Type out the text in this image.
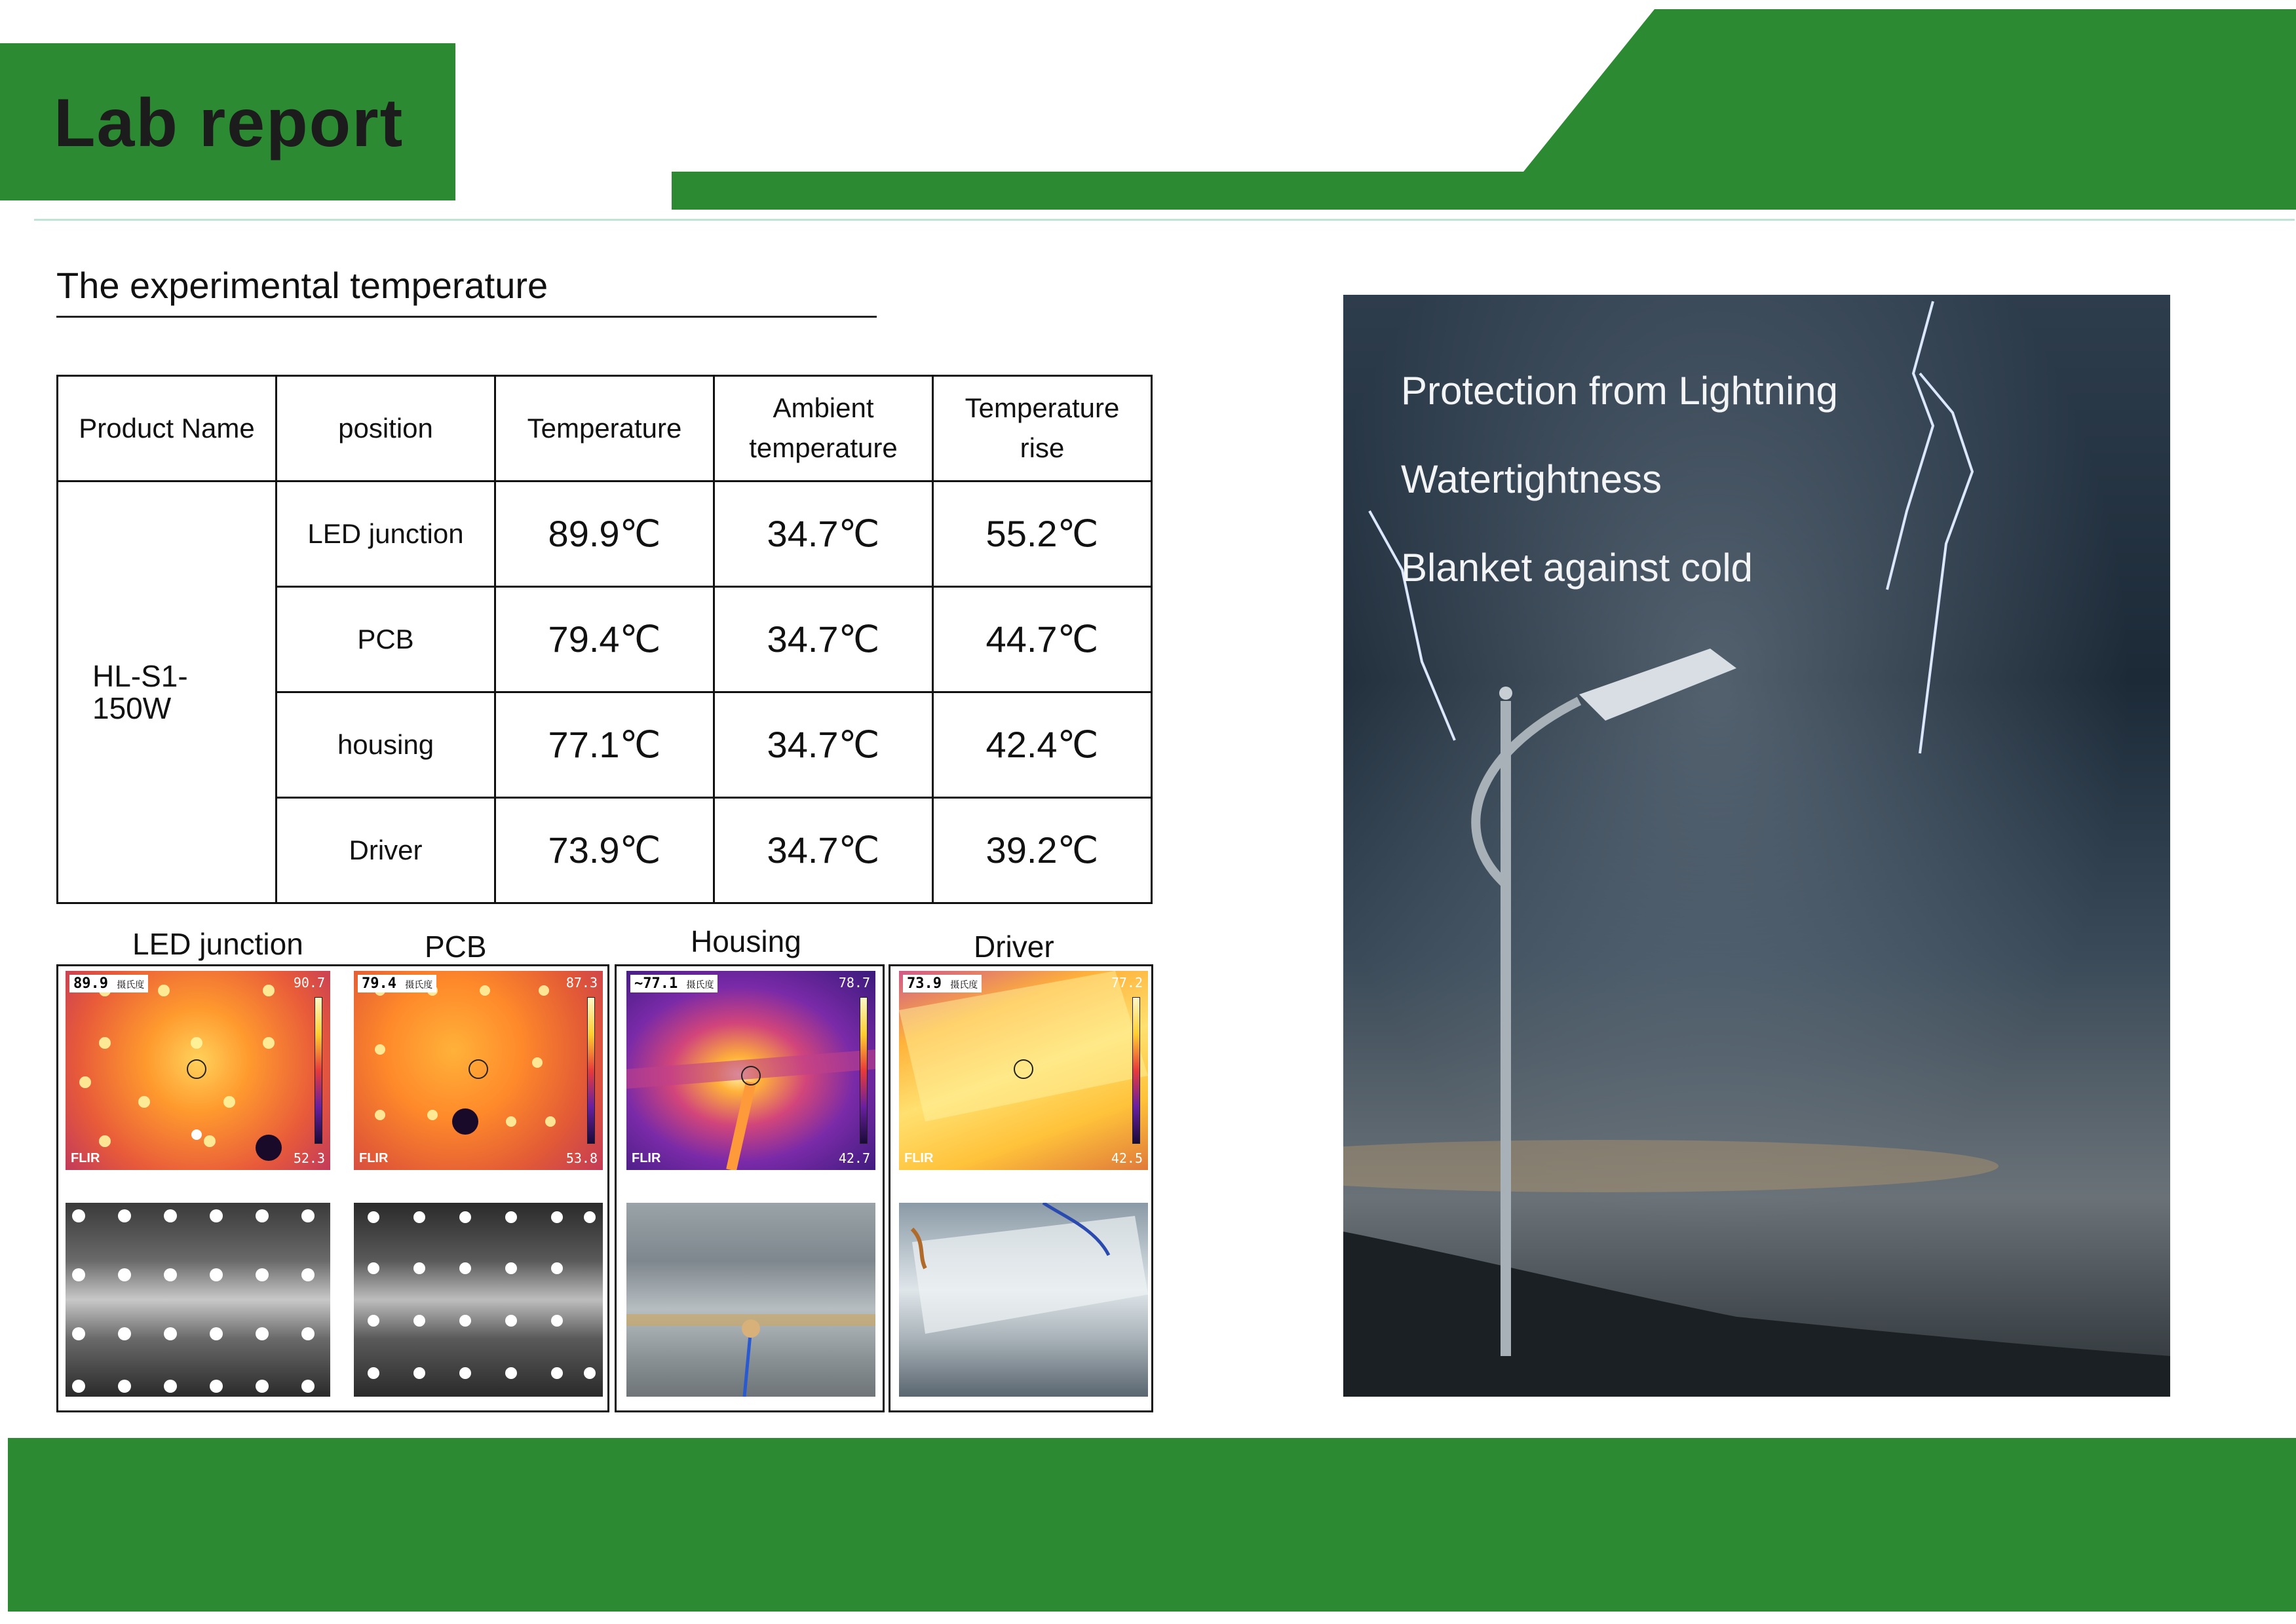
Lab report
The experimental temperature
Product Name	position	Temperature	Ambient temperature	Temperature rise
HL-S1-150W	LED junction	89.9℃	34.7℃	55.2℃
	PCB	79.4℃	34.7℃	44.7℃
	housing	77.1℃	34.7℃	42.4℃
	Driver	73.9℃	34.7℃	39.2℃
LED junction	PCB	Housing	Driver
89.9 摄氏度	90.7
52.3
FLIR
79.4 摄氏度	87.3
53.8
FLIR
~77.1 摄氏度	78.7
42.7
FLIR
73.9 摄氏度	77.2
42.5
FLIR
Protection from Lightning
Watertightness
Blanket against cold
